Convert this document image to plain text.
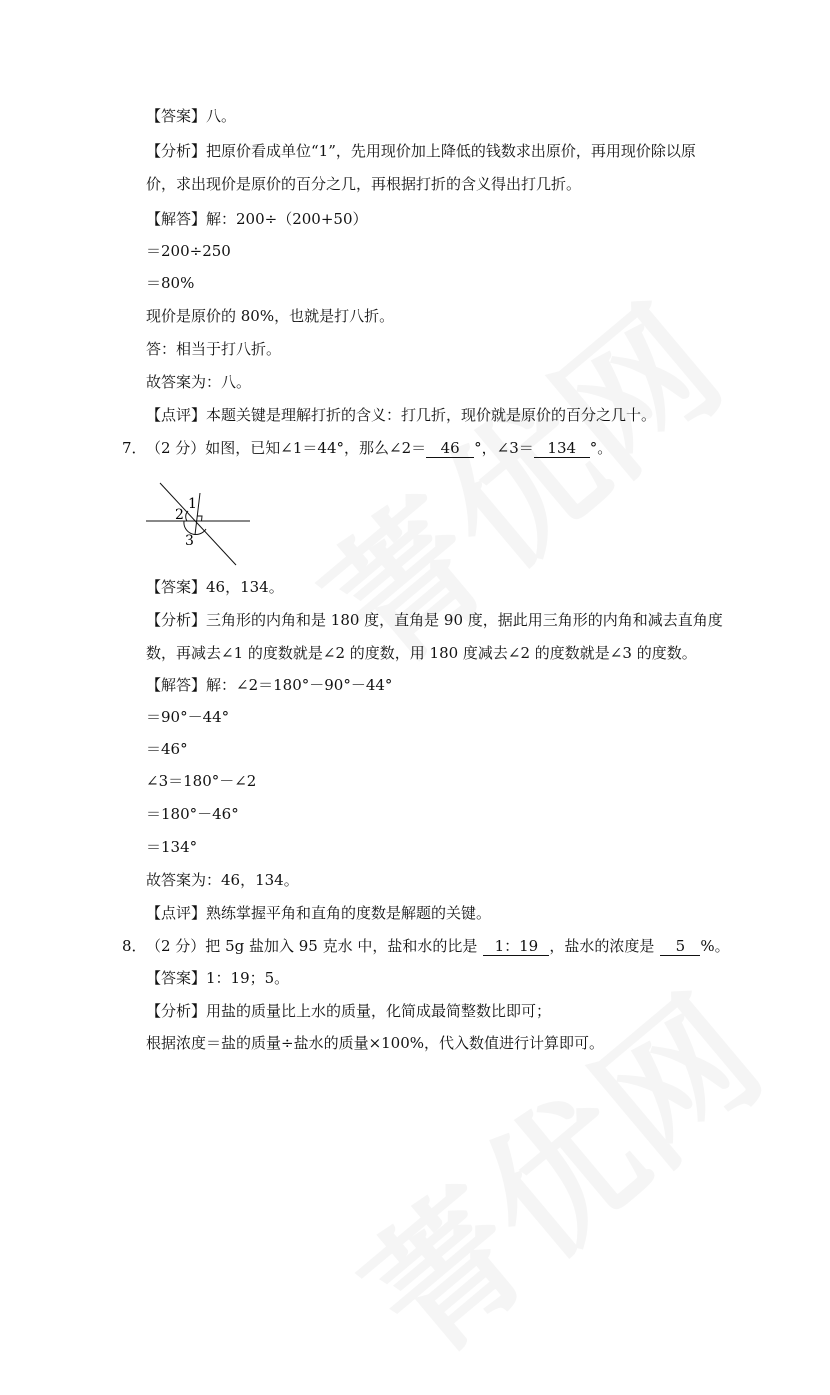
【答案】八。
【分析】把原价看成单位“1”，先用现价加上降低的钱数求出原价，再用现价除以原
价，求出现价是原价的百分之几，再根据打折的含义得出打几折。
【解答】解：200÷（200+50）
＝200÷250
＝80%
现价是原价的 80%，也就是打八折。
答：相当于打八折。
故答案为：八。
【点评】本题关键是理解打折的含义：打几折，现价就是原价的百分之几十。
7． （2 分）如图，已知∠1＝44°，那么∠2＝ 46 °，∠3＝ 134 °。
1
2
3
【答案】46，134。
【分析】三角形的内角和是 180 度，直角是 90 度，据此用三角形的内角和减去直角度
数，再减去∠1 的度数就是∠2 的度数，用 180 度减去∠2 的度数就是∠3 的度数。
【解答】解：∠2＝180°－90°－44°
＝90°－44°
＝46°
∠3＝180°－∠2
＝180°－46°
＝134°
故答案为：46，134。
【点评】熟练掌握平角和直角的度数是解题的关键。
8． （2 分）把 5g 盐加入 95 克水 中，盐和水的比是 1：19 ，盐水的浓度是 5 %。
【答案】1：19；5。
【分析】用盐的质量比上水的质量，化简成最简整数比即可；
根据浓度＝盐的质量÷盐水的质量×100%，代入数值进行计算即可。
